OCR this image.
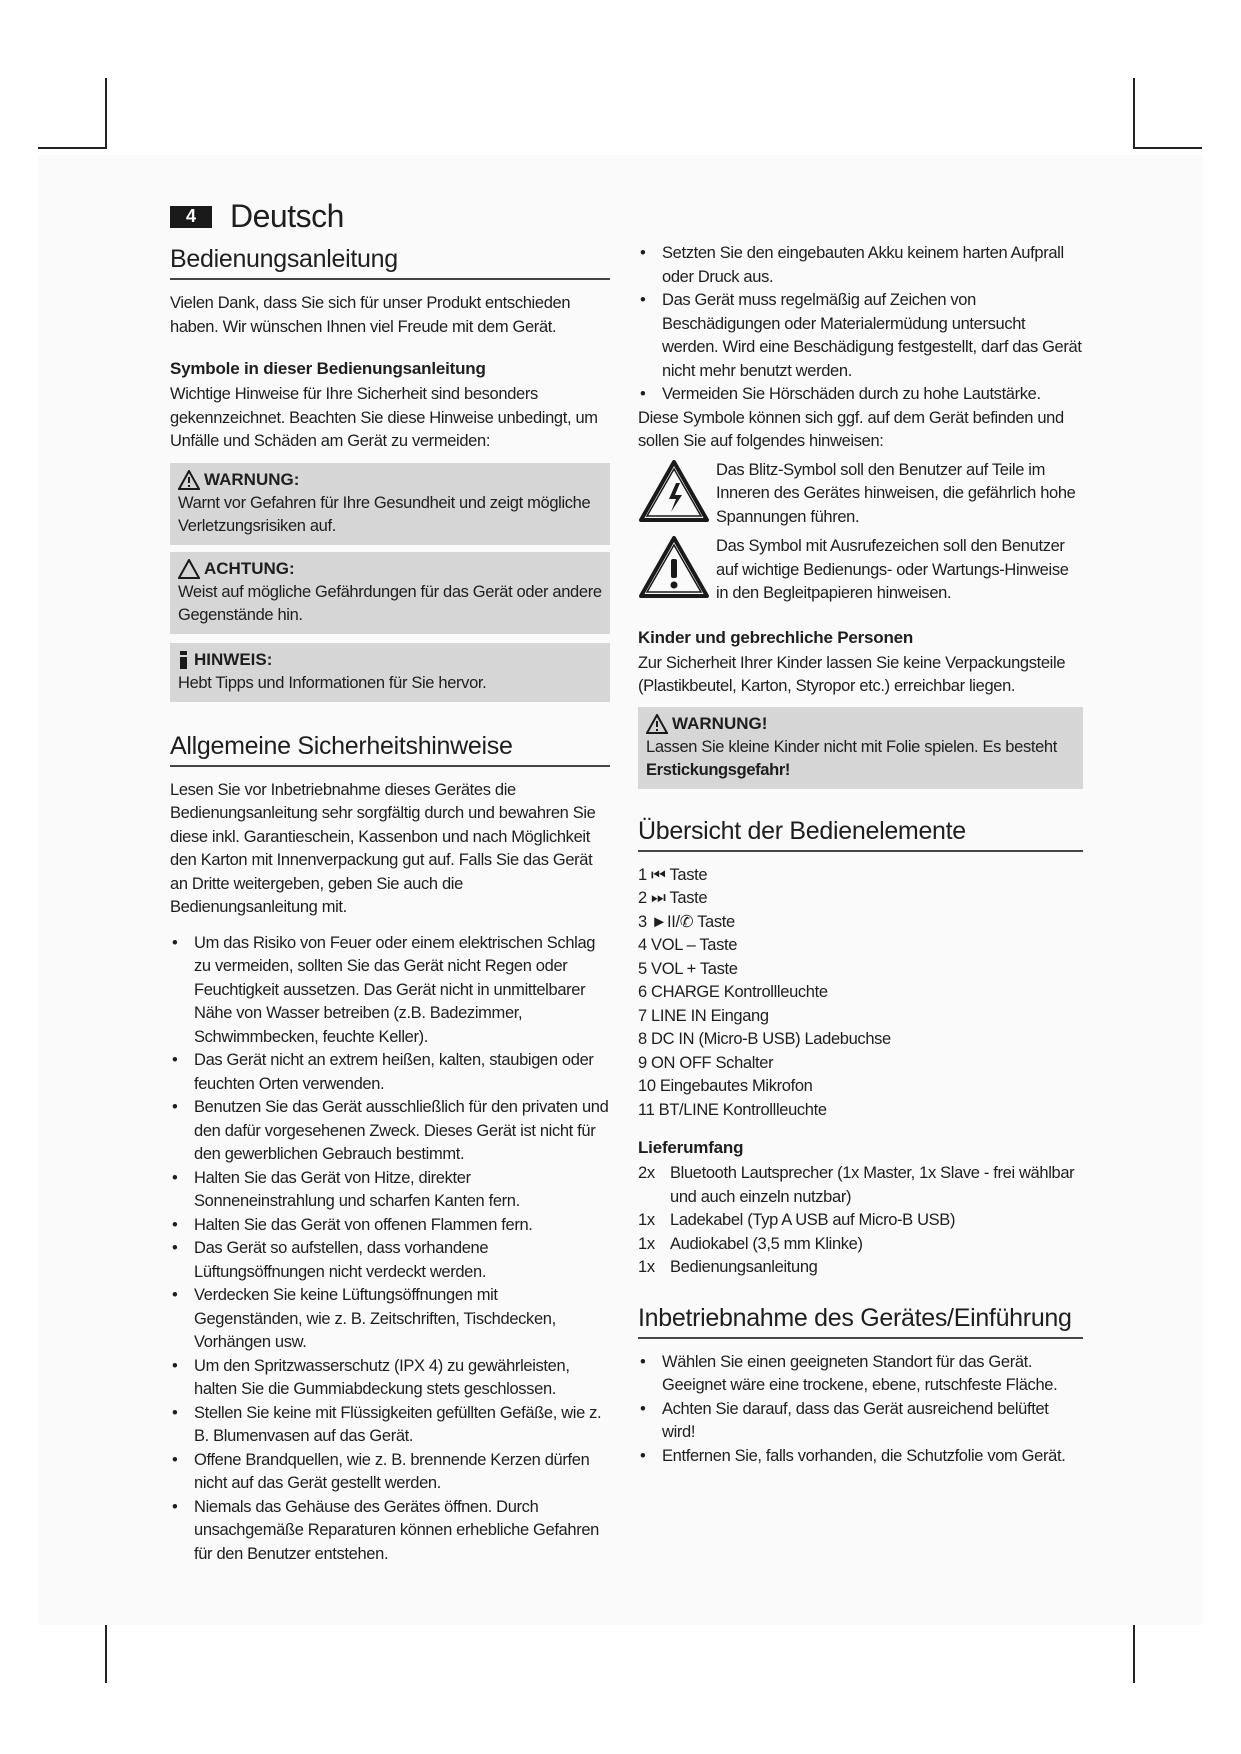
4	Deutsch
Bedienungsanleitung

Vielen Dank, dass Sie sich für unser Produkt entschieden haben. Wir wünschen Ihnen viel Freude mit dem Gerät.

Symbole in dieser Bedienungsanleitung

Wichtige Hinweise für Ihre Sicherheit sind besonders gekennzeichnet. Beachten Sie diese Hinweise unbedingt, um Unfälle und Schäden am Gerät zu vermeiden:

WARNUNG:
Warnt vor Gefahren für Ihre Gesundheit und zeigt mögliche Verletzungsrisiken auf.
ACHTUNG:
Weist auf mögliche Gefährdungen für das Gerät oder andere Gegenstände hin.
HINWEIS:
Hebt Tipps und Informationen für Sie hervor.
Allgemeine Sicherheitshinweise

Lesen Sie vor Inbetriebnahme dieses Gerätes die Bedienungsanleitung sehr sorgfältig durch und bewahren Sie diese inkl. Garantieschein, Kassenbon und nach Möglichkeit den Karton mit Innenverpackung gut auf. Falls Sie das Gerät an Dritte weitergeben, geben Sie auch die Bedienungsanleitung mit.

• Um das Risiko von Feuer oder einem elektrischen Schlag zu vermeiden, sollten Sie das Gerät nicht Regen oder Feuchtigkeit aussetzen. Das Gerät nicht in unmittelbarer Nähe von Wasser betreiben (z.B. Badezimmer, Schwimmbecken, feuchte Keller).
• Das Gerät nicht an extrem heißen, kalten, staubigen oder feuchten Orten verwenden.
• Benutzen Sie das Gerät ausschließlich für den privaten und den dafür vorgesehenen Zweck. Dieses Gerät ist nicht für den gewerblichen Gebrauch bestimmt.
• Halten Sie das Gerät von Hitze, direkter Sonneneinstrahlung und scharfen Kanten fern.
• Halten Sie das Gerät von offenen Flammen fern.
• Das Gerät so aufstellen, dass vorhandene Lüftungsöffnungen nicht verdeckt werden.
• Verdecken Sie keine Lüftungsöffnungen mit Gegenständen, wie z. B. Zeitschriften, Tischdecken, Vorhängen usw.
• Um den Spritzwasserschutz (IPX 4) zu gewährleisten, halten Sie die Gummiabdeckung stets geschlossen.
• Stellen Sie keine mit Flüssigkeiten gefüllten Gefäße, wie z. B. Blumenvasen auf das Gerät.
• Offene Brandquellen, wie z. B. brennende Kerzen dürfen nicht auf das Gerät gestellt werden.
• Niemals das Gehäuse des Gerätes öffnen. Durch unsachgemäße Reparaturen können erhebliche Gefahren für den Benutzer entstehen.
• Setzten Sie den eingebauten Akku keinem harten Aufprall oder Druck aus.
• Das Gerät muss regelmäßig auf Zeichen von Beschädigungen oder Materialermüdung untersucht werden. Wird eine Beschädigung festgestellt, darf das Gerät nicht mehr benutzt werden.
• Vermeiden Sie Hörschäden durch zu hohe Lautstärke.

Diese Symbole können sich ggf. auf dem Gerät befinden und sollen Sie auf folgendes hinweisen:

Das Blitz-Symbol soll den Benutzer auf Teile im Inneren des Gerätes hinweisen, die gefährlich hohe Spannungen führen.

Das Symbol mit Ausrufezeichen soll den Benutzer auf wichtige Bedienungs- oder Wartungs-Hinweise in den Begleitpapieren hinweisen.

Kinder und gebrechliche Personen

Zur Sicherheit Ihrer Kinder lassen Sie keine Verpackungsteile (Plastikbeutel, Karton, Styropor etc.) erreichbar liegen.

WARNUNG!
Lassen Sie kleine Kinder nicht mit Folie spielen. Es besteht
Erstickungsgefahr!
Übersicht der Bedienelemente
1 ⏮ Taste
2 ⏭ Taste
3 ►II/✆ Taste
4 VOL – Taste
5 VOL + Taste
6 CHARGE Kontrollleuchte
7 LINE IN Eingang
8 DC IN (Micro-B USB) Ladebuchse
9 ON OFF Schalter
10 Eingebautes Mikrofon
11 BT/LINE Kontrollleuchte
Lieferumfang
2x Bluetooth Lautsprecher (1x Master, 1x Slave - frei wählbar und auch einzeln nutzbar)
1x Ladekabel (Typ A USB auf Micro-B USB)
1x Audiokabel (3,5 mm Klinke)
1x Bedienungsanleitung
Inbetriebnahme des Gerätes/Einführung
• Wählen Sie einen geeigneten Standort für das Gerät. Geeignet wäre eine trockene, ebene, rutschfeste Fläche.
• Achten Sie darauf, dass das Gerät ausreichend belüftet wird!
• Entfernen Sie, falls vorhanden, die Schutzfolie vom Gerät.
